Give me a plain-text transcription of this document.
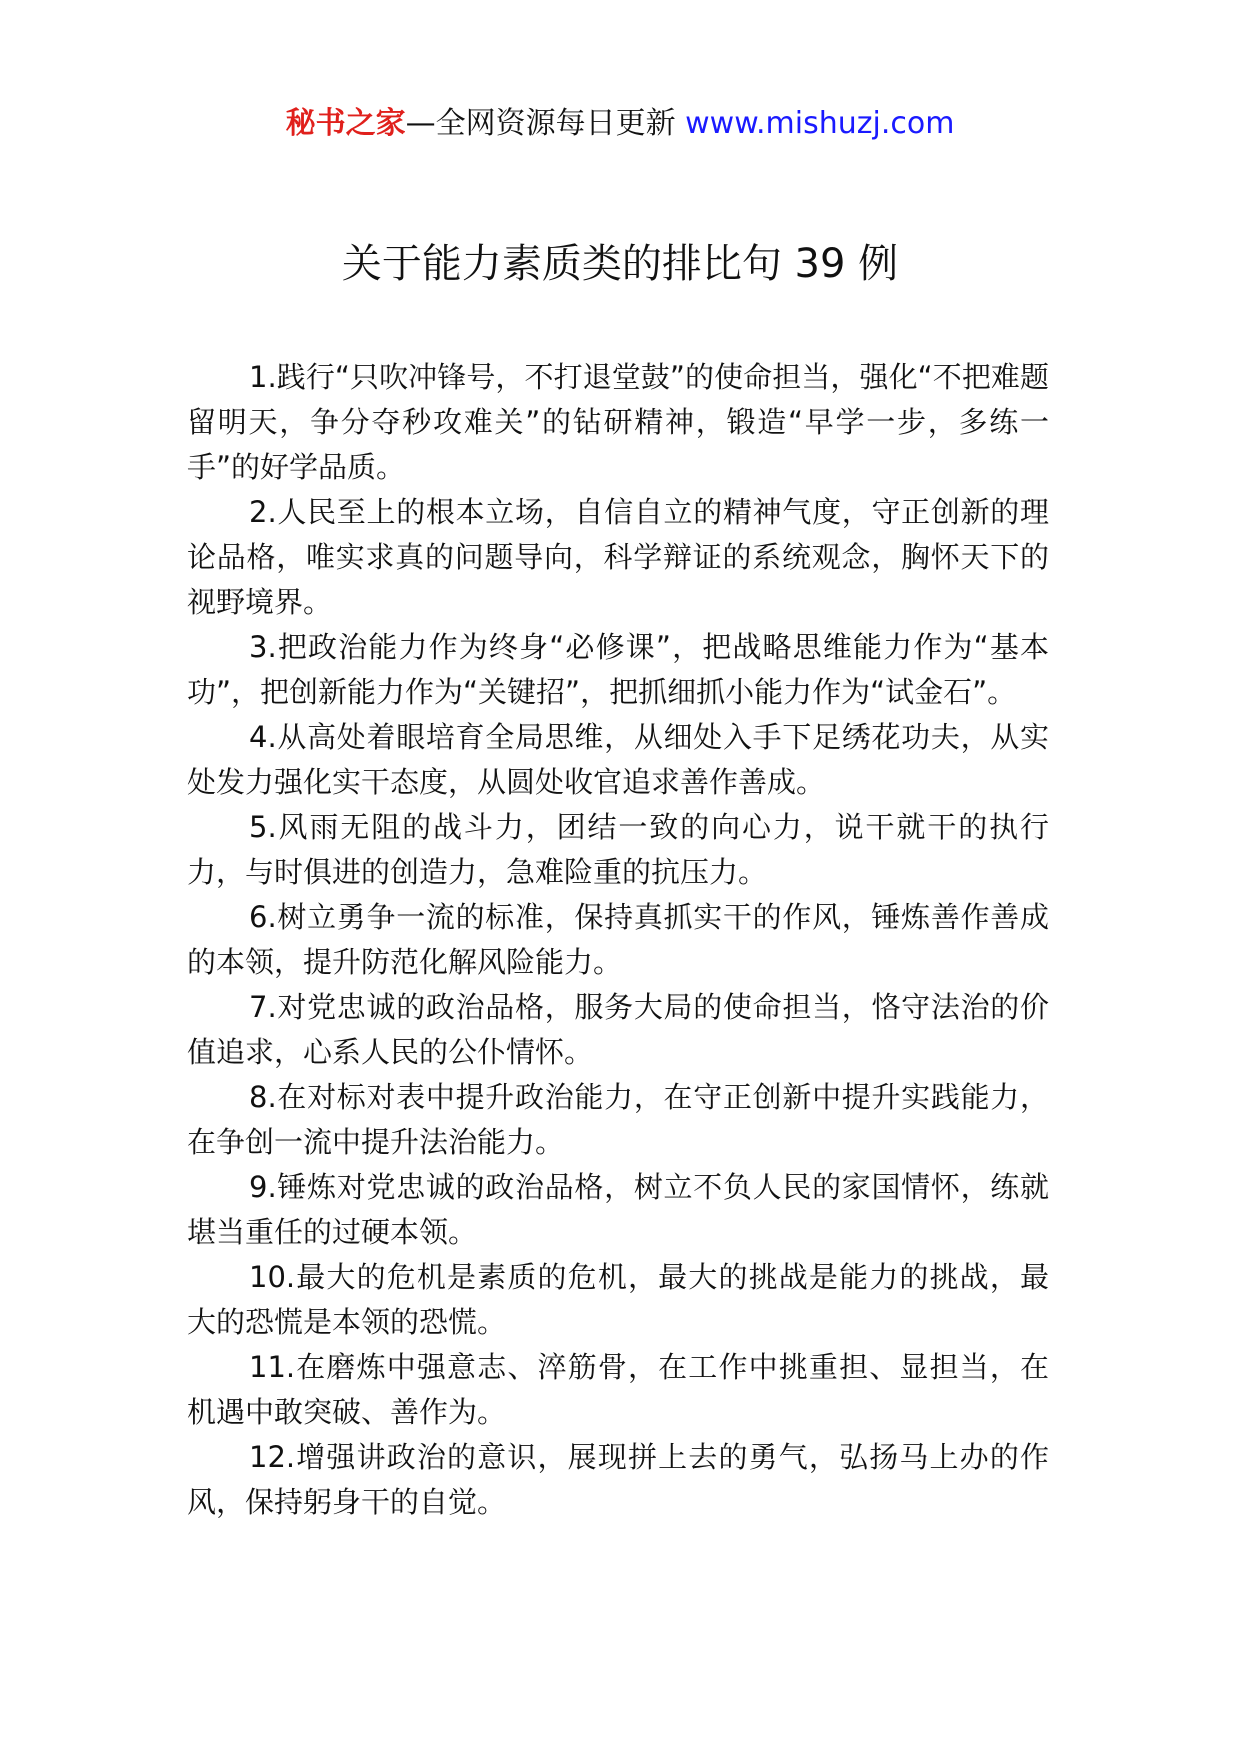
秘书之家—全网资源每日更新 www.mishuzj.com
关于能力素质类的排比句 39 例

1.践行“只吹冲锋号，不打退堂鼓”的使命担当，强化“不把难题留明天，争分夺秒攻难关”的钻研精神，锻造“早学一步，多练一手”的好学品质。

2.人民至上的根本立场，自信自立的精神气度，守正创新的理论品格，唯实求真的问题导向，科学辩证的系统观念，胸怀天下的视野境界。

3.把政治能力作为终身“必修课”，把战略思维能力作为“基本功”，把创新能力作为“关键招”，把抓细抓小能力作为“试金石”。

4.从高处着眼培育全局思维，从细处入手下足绣花功夫，从实处发力强化实干态度，从圆处收官追求善作善成。

5.风雨无阻的战斗力，团结一致的向心力，说干就干的执行力，与时俱进的创造力，急难险重的抗压力。

6.树立勇争一流的标准，保持真抓实干的作风，锤炼善作善成的本领，提升防范化解风险能力。

7.对党忠诚的政治品格，服务大局的使命担当，恪守法治的价值追求，心系人民的公仆情怀。

8.在对标对表中提升政治能力，在守正创新中提升实践能力，在争创一流中提升法治能力。

9.锤炼对党忠诚的政治品格，树立不负人民的家国情怀，练就堪当重任的过硬本领。

10.最大的危机是素质的危机，最大的挑战是能力的挑战，最大的恐慌是本领的恐慌。

11.在磨炼中强意志、淬筋骨，在工作中挑重担、显担当，在机遇中敢突破、善作为。

12.增强讲政治的意识，展现拼上去的勇气，弘扬马上办的作风，保持躬身干的自觉。
